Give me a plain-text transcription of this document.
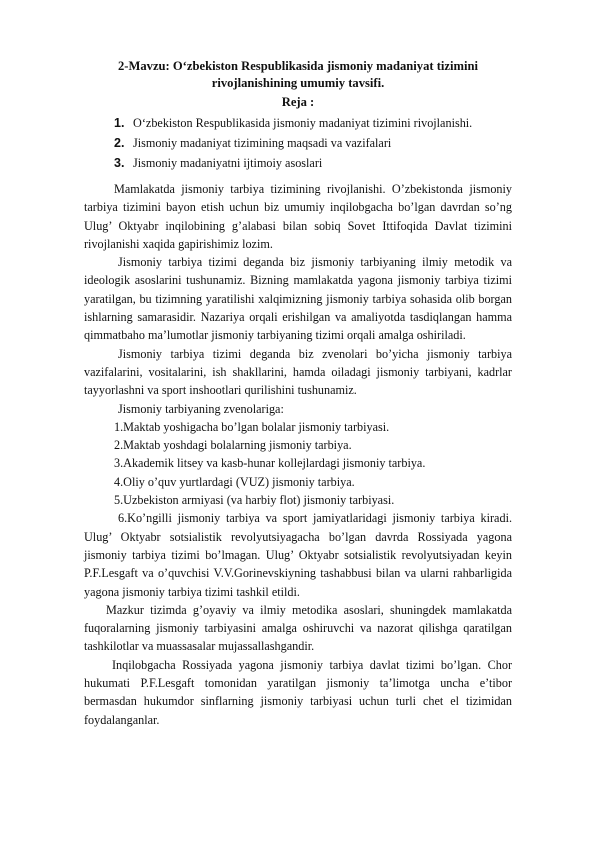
2-Mavzu: O‘zbekiston Respublikasida jismoniy madaniyat tizimini rivojlanishining umumiy tavsifi.
Reja :
1. O‘zbekiston Respublikasida jismoniy madaniyat tizimini rivojlanishi.
2. Jismoniy madaniyat tizimining maqsadi va vazifalari
3. Jismoniy madaniyatni ijtimoiy asoslari

Mamlakatda jismoniy tarbiya tizimining rivojlanishi. O’zbekistonda jismoniy tarbiya tizimini bayon etish uchun biz umumiy inqilobgacha bo’lgan davrdan so’ng Ulug’ Oktyabr inqilobining g’alabasi bilan sobiq Sovet Ittifoqida Davlat tizimini rivojlanishi xaqida gapirishimiz lozim.

Jismoniy tarbiya tizimi deganda biz jismoniy tarbiyaning ilmiy metodik va ideologik asoslarini tushunamiz. Bizning mamlakatda yagona jismoniy tarbiya tizimi yaratilgan, bu tizimning yaratilishi xalqimizning jismoniy tarbiya sohasida olib borgan ishlarning samarasidir. Nazariya orqali erishilgan va amaliyotda tasdiqlangan hamma qimmatbaho ma’lumotlar jismoniy tarbiyaning tizimi orqali amalga oshiriladi.

Jismoniy tarbiya tizimi deganda biz zvenolari bo’yicha jismoniy tarbiya vazifalarini, vositalarini, ish shakllarini, hamda oiladagi jismoniy tarbiyani, kadrlar tayyorlashni va sport inshootlari qurilishini tushunamiz.

Jismoniy tarbiyaning zvenolariga:

1.Maktab yoshigacha bo’lgan bolalar jismoniy tarbiyasi.

2.Maktab yoshdagi bolalarning jismoniy tarbiya.

3.Akademik litsey va kasb-hunar kollejlardagi jismoniy tarbiya.

4.Oliy o’quv yurtlardagi (VUZ) jismoniy tarbiya.

5.Uzbekiston armiyasi (va harbiy flot) jismoniy tarbiyasi.

6.Ko’ngilli jismoniy tarbiya va sport jamiyatlaridagi jismoniy tarbiya kiradi. Ulug’ Oktyabr sotsialistik revolyutsiyagacha bo’lgan davrda Rossiyada yagona jismoniy tarbiya tizimi bo’lmagan. Ulug’ Oktyabr sotsialistik revolyutsiyadan keyin P.F.Lesgaft va o’quvchisi V.V.Gorinevskiyning tashabbusi bilan va ularni rahbarligida yagona jismoniy tarbiya tizimi tashkil etildi.

Mazkur tizimda g’oyaviy va ilmiy metodika asoslari, shuningdek mamlakatda fuqoralarning jismoniy tarbiyasini amalga oshiruvchi va nazorat qilishga qaratilgan tashkilotlar va muassasalar mujassallashgandir.

Inqilobgacha Rossiyada yagona jismoniy tarbiya davlat tizimi bo’lgan. Chor hukumati P.F.Lesgaft tomonidan yaratilgan jismoniy ta’limotga uncha e’tibor bermasdan hukumdor sinflarning jismoniy tarbiyasi uchun turli chet el tizimidan foydalanganlar.
